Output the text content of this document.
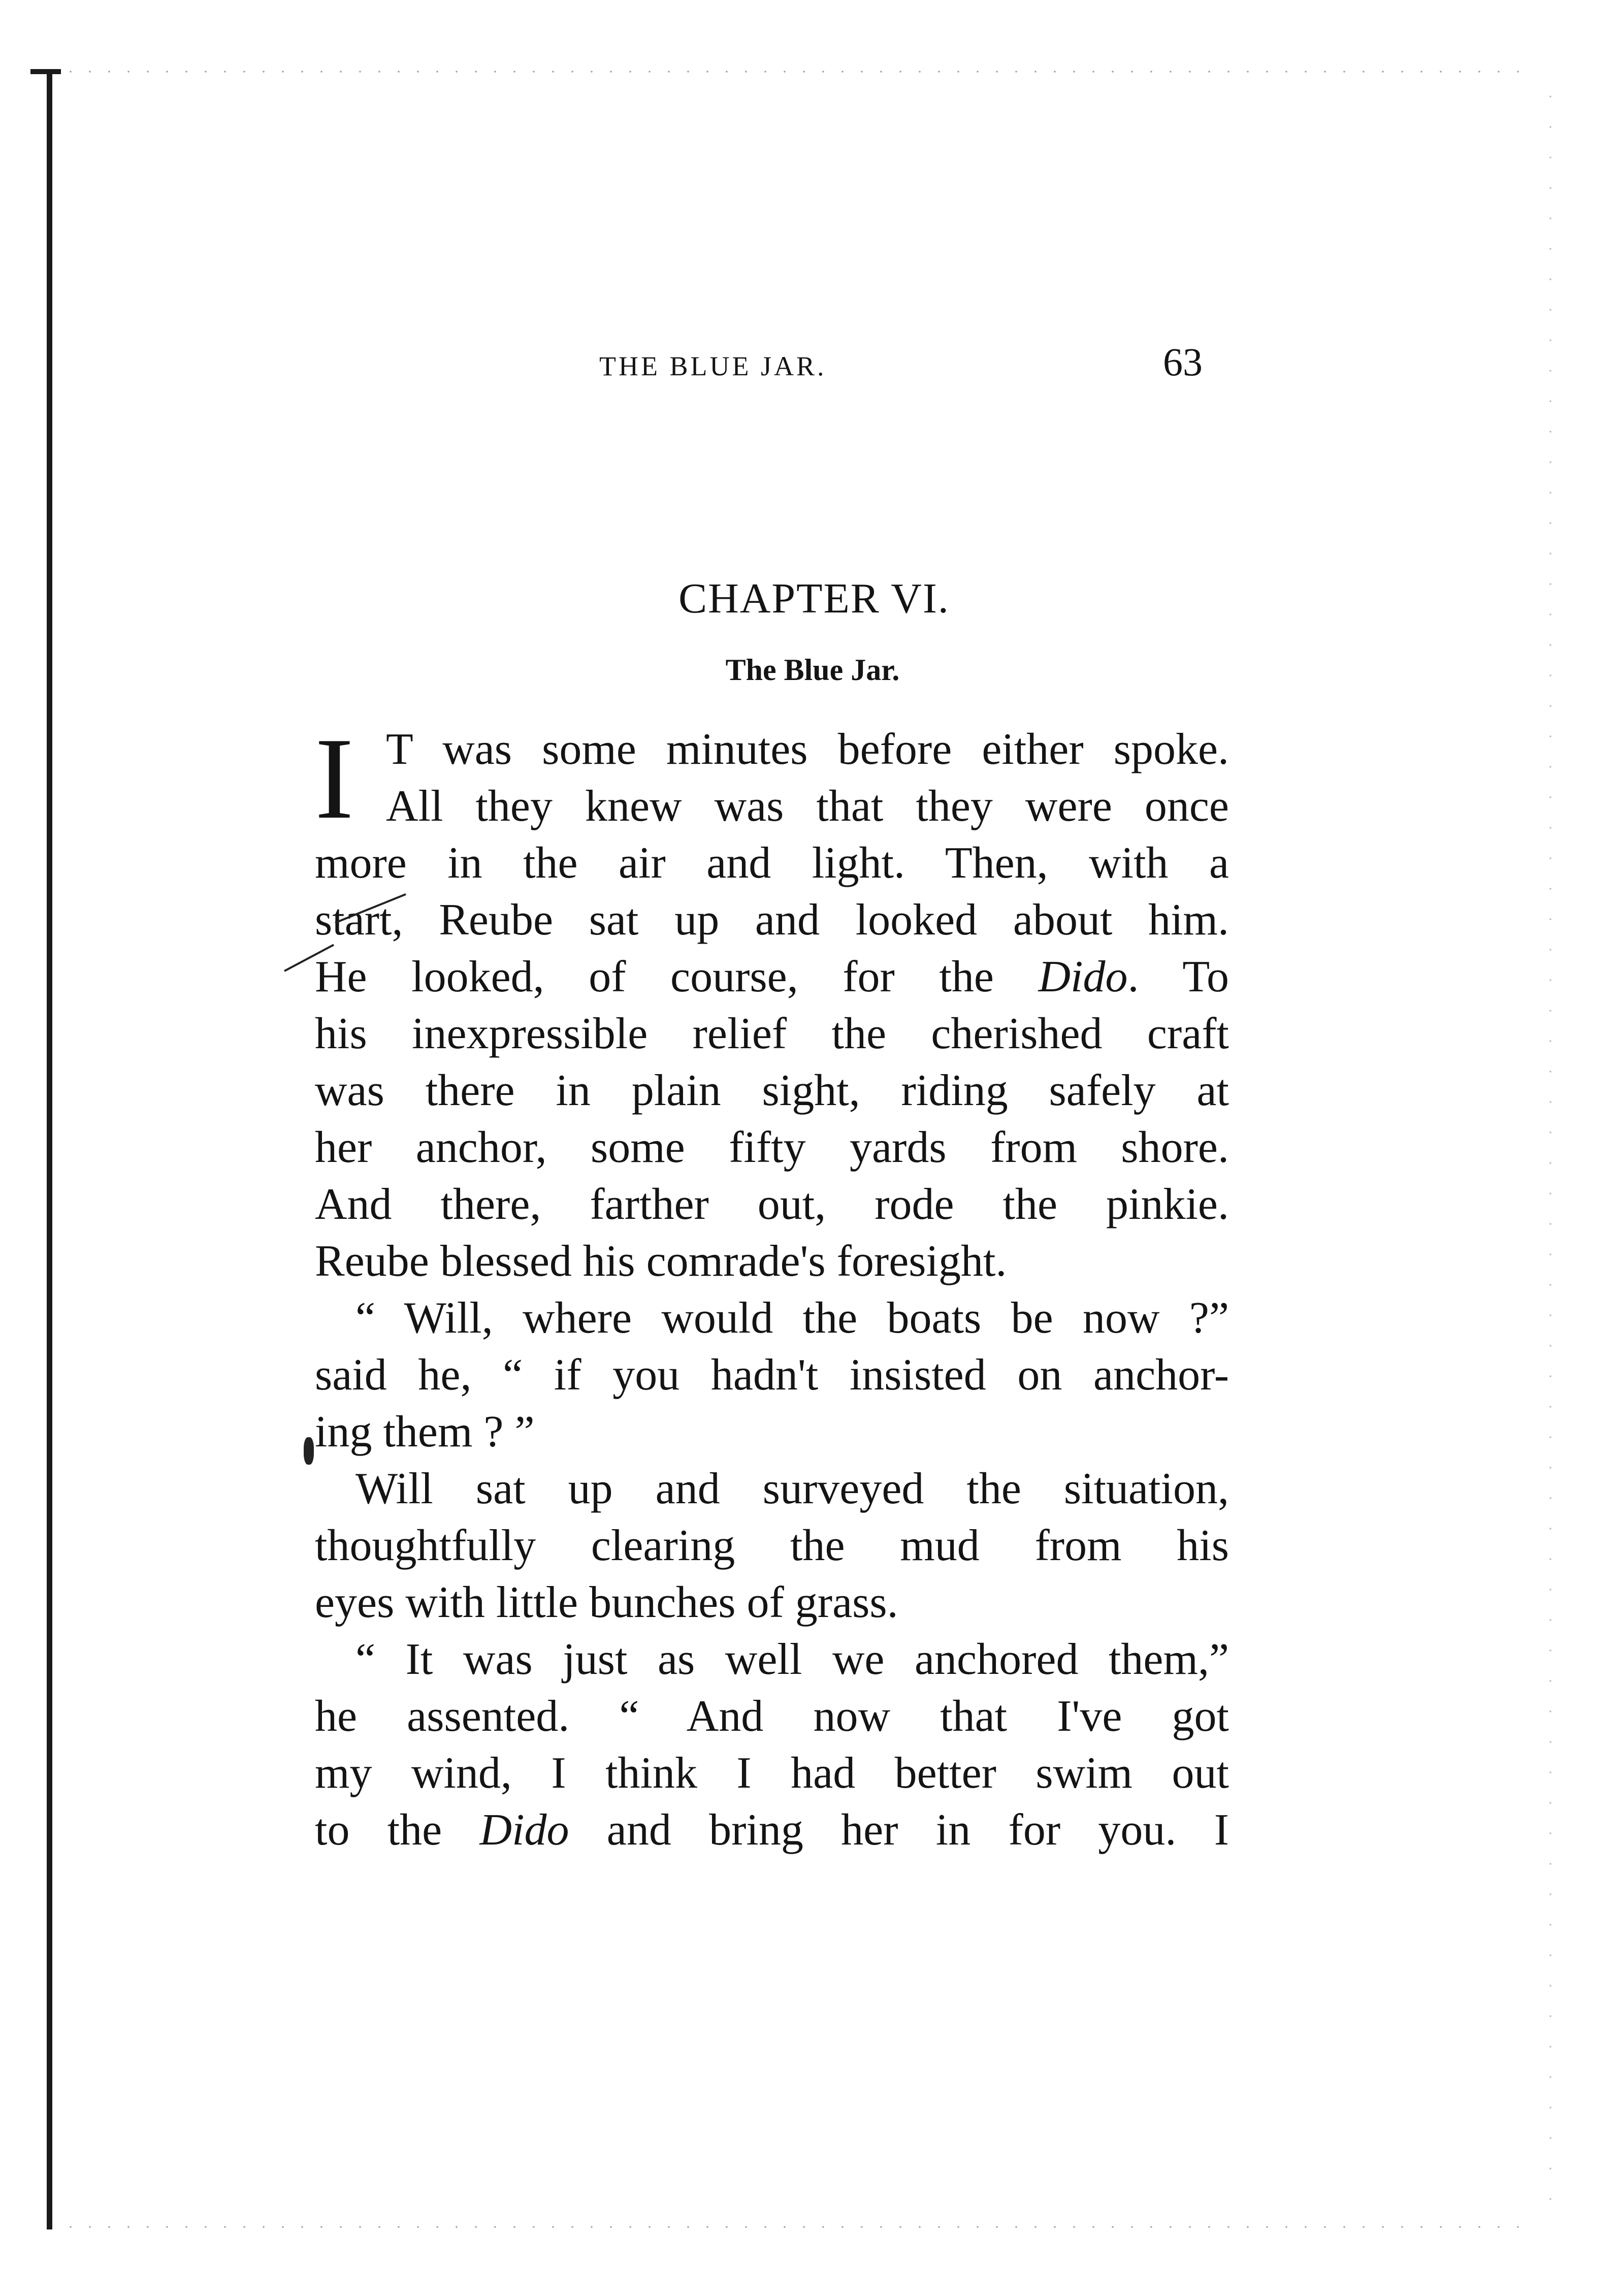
THE BLUE JAR.	63
CHAPTER VI.
The Blue Jar.
I T was some minutes before either spoke.
All they knew was that they were once
more in the air and light. Then, with a
start, Reube sat up and looked about him.
He looked, of course, for the Dido. To
his inexpressible relief the cherished craft
was there in plain sight, riding safely at
her anchor, some fifty yards from shore.
And there, farther out, rode the pinkie.
Reube blessed his comrade's foresight.
“ Will, where would the boats be now ?”
said he, “ if you hadn't insisted on anchor-
ing them ? ”
Will sat up and surveyed the situation,
thoughtfully clearing the mud from his
eyes with little bunches of grass.
“ It was just as well we anchored them,”
he assented. “ And now that I've got
my wind, I think I had better swim out
to the Dido and bring her in for you. I
